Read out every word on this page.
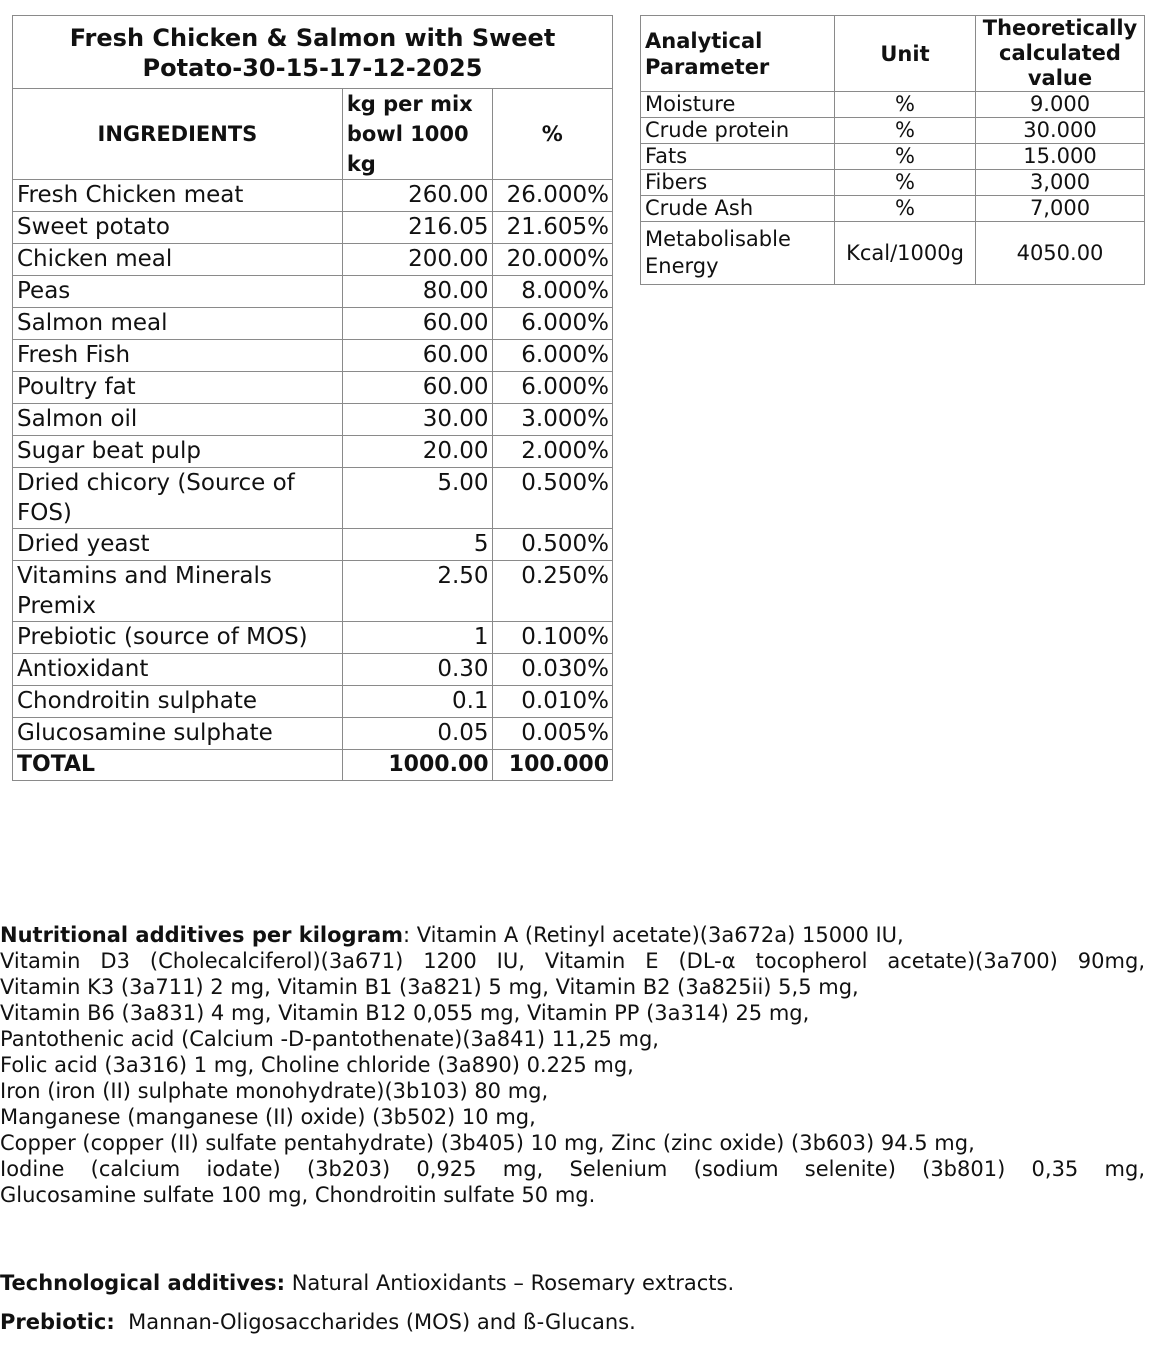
Fresh Chicken & Salmon with Sweet
Potato-30-15-17-12-2025		
INGREDIENTS	kg per mix bowl 1000 kg	%
Fresh Chicken meat	260.00	26.000%
Sweet potato	216.05	21.605%
Chicken meal	200.00	20.000%
Peas	80.00	8.000%
Salmon meal	60.00	6.000%
Fresh Fish	60.00	6.000%
Poultry fat	60.00	6.000%
Salmon oil	30.00	3.000%
Sugar beat pulp	20.00	2.000%
Dried chicory (Source of FOS)	5.00	0.500%
Dried yeast	5	0.500%
Vitamins and Minerals Premix	2.50	0.250%
Prebiotic (source of MOS)	1	0.100%
Antioxidant	0.30	0.030%
Chondroitin sulphate	0.1	0.010%
Glucosamine sulphate	0.05	0.005%
TOTAL	1000.00	100.000
Analytical Parameter	Unit	Theoretically calculated value
Moisture	%	9.000
Crude protein	%	30.000
Fats	%	15.000
Fibers	%	3,000
Crude Ash	%	7,000
Metabolisable Energy	Kcal/1000g	4050.00
Nutritional additives per kilogram: Vitamin A (Retinyl acetate)(3a672a) 15000 IU,
Vitamin D3 (Cholecalciferol)(3a671) 1200 IU, Vitamin E (DL-α tocopherol acetate)(3a700) 90mg,
Vitamin K3 (3a711) 2 mg, Vitamin B1 (3a821) 5 mg, Vitamin B2 (3a825ii) 5,5 mg,
Vitamin B6 (3a831) 4 mg, Vitamin B12 0,055 mg, Vitamin PP (3a314) 25 mg,
Pantothenic acid (Calcium -D-pantothenate)(3a841) 11,25 mg,
Folic acid (3a316) 1 mg, Choline chloride (3a890) 0.225 mg,
Iron (iron (II) sulphate monohydrate)(3b103) 80 mg,
Manganese (manganese (II) oxide) (3b502) 10 mg,
Copper (copper (II) sulfate pentahydrate) (3b405) 10 mg, Zinc (zinc oxide) (3b603) 94.5 mg,
Iodine (calcium iodate) (3b203) 0,925 mg, Selenium (sodium selenite) (3b801) 0,35 mg,
Glucosamine sulfate 100 mg, Chondroitin sulfate 50 mg.
Technological additives: Natural Antioxidants – Rosemary extracts.
Prebiotic:  Mannan-Oligosaccharides (MOS) and ß-Glucans.
